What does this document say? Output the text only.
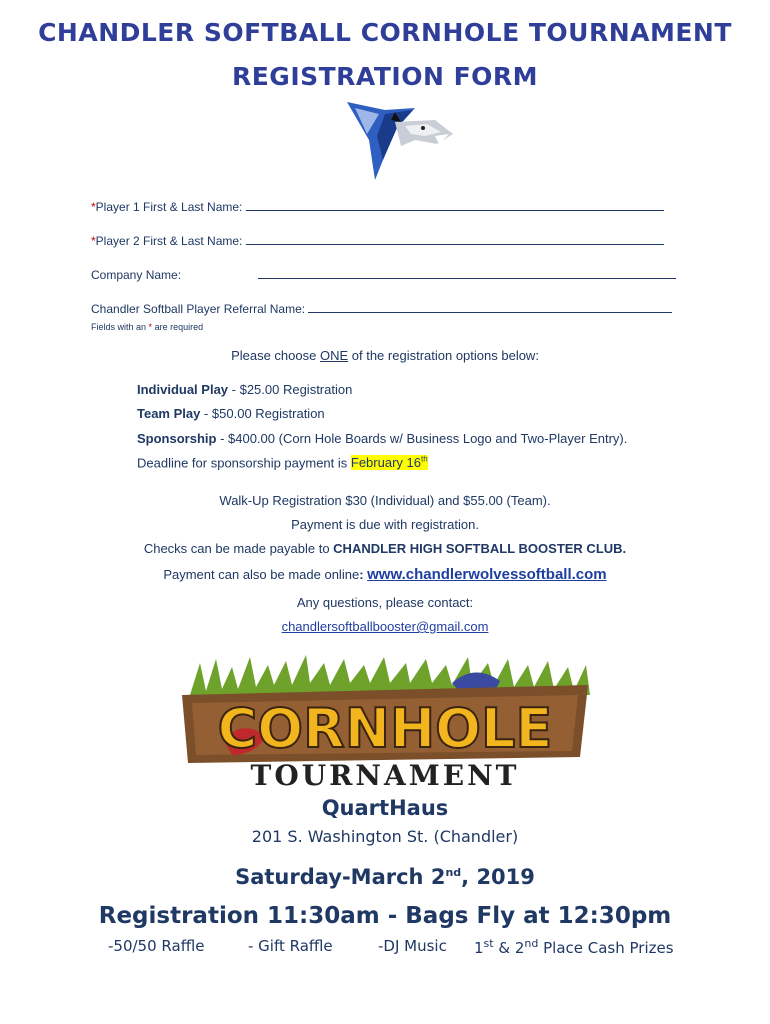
CHANDLER SOFTBALL CORNHOLE TOURNAMENT
REGISTRATION FORM
*Player 1 First & Last Name:
*Player 2 First & Last Name:
Company Name:
Chandler Softball Player Referral Name:
Fields with an * are required
Please choose ONE of the registration options below:
Individual Play - $25.00 Registration
Team Play - $50.00 Registration
Sponsorship - $400.00 (Corn Hole Boards w/ Business Logo and Two-Player Entry).
Deadline for sponsorship payment is February 16th
Walk-Up Registration $30 (Individual) and $55.00 (Team).
Payment is due with registration.
Checks can be made payable to CHANDLER HIGH SOFTBALL BOOSTER CLUB.
Payment can also be made online: www.chandlerwolvessoftball.com
Any questions, please contact:
chandlersoftballbooster@gmail.com
CORNHOLE
TOURNAMENT
QuartHaus
201 S. Washington St. (Chandler)
Saturday-March 2nd, 2019
Registration 11:30am - Bags Fly at 12:30pm
-50/50 Raffle	- Gift Raffle	-DJ Music 1st & 2nd Place Cash Prizes
